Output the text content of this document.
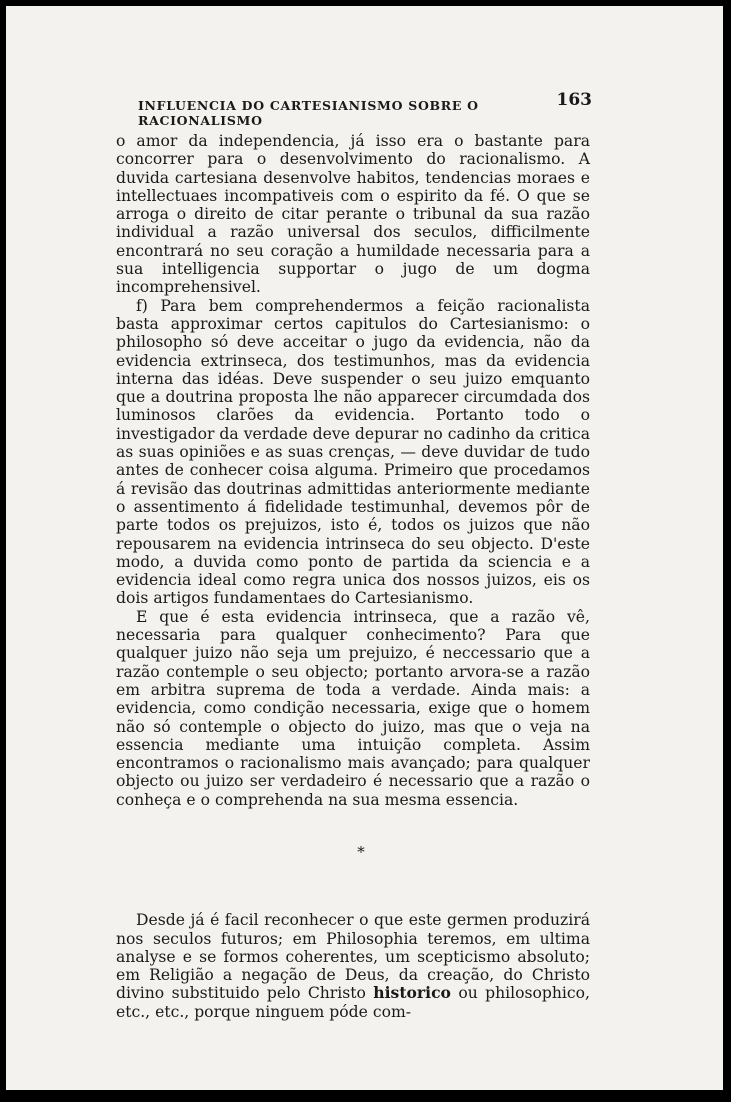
INFLUENCIA DO CARTESIANISMO SOBRE O RACIONALISMO
163

o amor da independencia, já isso era o bastante para concorrer para o desenvolvimento do racionalismo. A duvida cartesiana desenvolve habitos, tendencias moraes e intellectuaes incompativeis com o espirito da fé. O que se arroga o direito de citar perante o tribunal da sua razão individual a razão universal dos seculos, difficilmente encontrará no seu coração a humildade necessaria para a sua intelligencia supportar o jugo de um dogma incomprehensivel.

f) Para bem comprehendermos a feição racionalista basta approximar certos capitulos do Cartesianismo: o philosopho só deve acceitar o jugo da evidencia, não da evidencia extrinseca, dos testimunhos, mas da evidencia interna das idéas. Deve suspender o seu juizo emquanto que a doutrina proposta lhe não apparecer circumdada dos luminosos clarões da evidencia. Portanto todo o investigador da verdade deve depurar no cadinho da critica as suas opiniões e as suas crenças, — deve duvidar de tudo antes de conhecer coisa alguma. Primeiro que procedamos á revisão das doutrinas admittidas anteriormente mediante o assentimento á fidelidade testimunhal, devemos pôr de parte todos os prejuizos, isto é, todos os juizos que não repousarem na evidencia intrinseca do seu objecto. D'este modo, a duvida como ponto de partida da sciencia e a evidencia ideal como regra unica dos nossos juizos, eis os dois artigos fundamentaes do Cartesianismo.

E que é esta evidencia intrinseca, que a razão vê, necessaria para qualquer conhecimento? Para que qualquer juizo não seja um prejuizo, é neccessario que a razão contemple o seu objecto; portanto arvora-se a razão em arbitra suprema de toda a verdade. Ainda mais: a evidencia, como condição necessaria, exige que o homem não só contemple o objecto do juizo, mas que o veja na essencia mediante uma intuição completa. Assim encontramos o racionalismo mais avançado; para qualquer objecto ou juizo ser verdadeiro é necessario que a razão o conheça e o comprehenda na sua mesma essencia.

*

Desde já é facil reconhecer o que este germen produzirá nos seculos futuros; em Philosophia teremos, em ultima analyse e se formos coherentes, um scepticismo absoluto; em Religião a negação de Deus, da creação, do Christo divino substituido pelo Christo historico ou philosophico, etc., etc., porque ninguem póde com-
